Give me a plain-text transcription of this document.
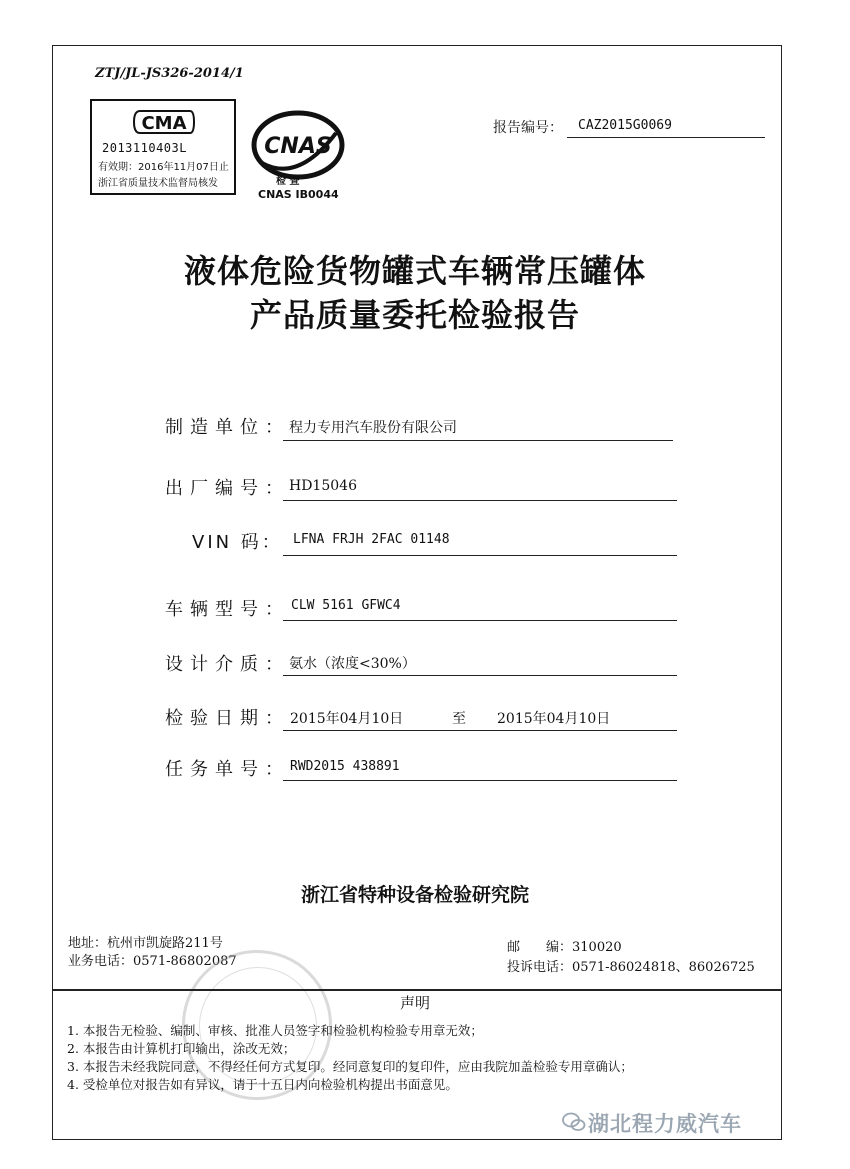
ZTJ/JL-JS326-2014/1
CMA
2013110403L
有效期：2016年11月07日止
浙江省质量技术监督局核发
CNAS
检 查
CNAS IB0044
报告编号： CAZ2015G0069
液体危险货物罐式车辆常压罐体
产品质量委托检验报告
制造单位： 程力专用汽车股份有限公司
出厂编号： HD15046
VIN 码： LFNA FRJH 2FAC 01148
车辆型号： CLW 5161 GFWC4
设计介质： 氨水（浓度<30%）
检验日期： 2015年04月10日	至 2015年04月10日
任务单号： RWD2015 438891
浙江省特种设备检验研究院
地址：杭州市凯旋路211号
业务电话：0571-86802087
邮　　编：310020
投诉电话：0571-86024818、86026725
声明
1. 本报告无检验、编制、审核、批准人员签字和检验机构检验专用章无效；
2. 本报告由计算机打印输出，涂改无效；
3. 本报告未经我院同意，不得经任何方式复印。经同意复印的复印件，应由我院加盖检验专用章确认；
4. 受检单位对报告如有异议，请于十五日内向检验机构提出书面意见。
湖北程力威汽车
